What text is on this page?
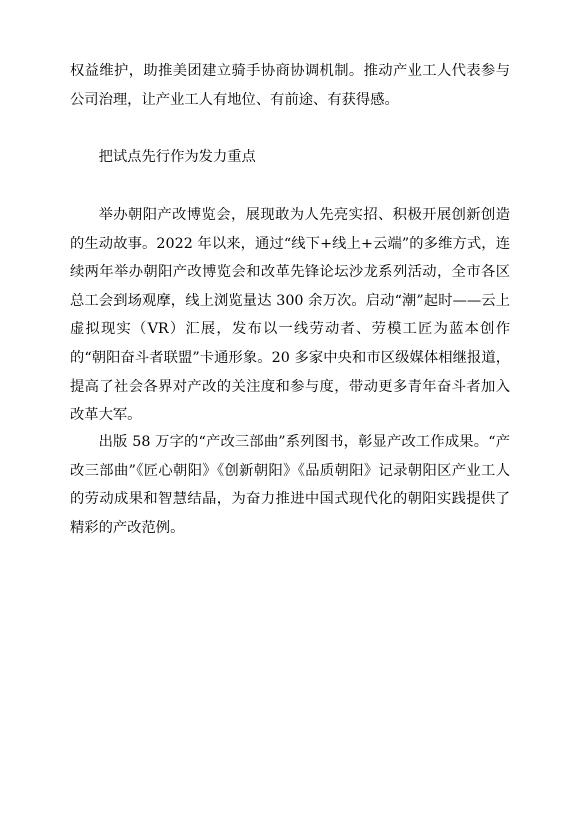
权益维护，助推美团建立骑手协商协调机制。推动产业工人代表参与公司治理，让产业工人有地位、有前途、有获得感。

把试点先行作为发力重点

举办朝阳产改博览会，展现敢为人先亮实招、积极开展创新创造的生动故事。2022 年以来，通过“线下+线上+云端”的多维方式，连续两年举办朝阳产改博览会和改革先锋论坛沙龙系列活动，全市各区总工会到场观摩，线上浏览量达 300 余万次。启动“潮”起时——云上虚拟现实（VR）汇展，发布以一线劳动者、劳模工匠为蓝本创作的“朝阳奋斗者联盟”卡通形象。20 多家中央和市区级媒体相继报道，提高了社会各界对产改的关注度和参与度，带动更多青年奋斗者加入改革大军。

出版 58 万字的“产改三部曲”系列图书，彰显产改工作成果。“产改三部曲”《匠心朝阳》《创新朝阳》《品质朝阳》记录朝阳区产业工人的劳动成果和智慧结晶，为奋力推进中国式现代化的朝阳实践提供了精彩的产改范例。
